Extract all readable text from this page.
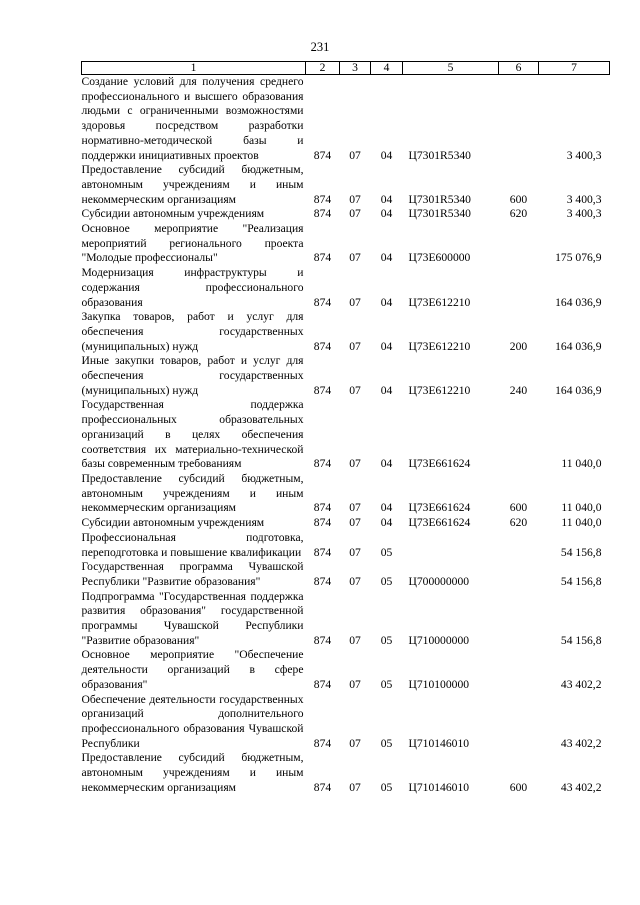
231
1	2	3	4	5	6	7
Создание условий для получения среднего профессионального и высшего образования людьми с ограниченными возможностями здоровья посредством разработки нормативно-методической базы и поддержки инициативных проектов	874	07	04	Ц7301R5340		3 400,3
Предоставление субсидий бюджетным, автономным учреждениям и иным некоммерческим организациям	874	07	04	Ц7301R5340	600	3 400,3
Субсидии автономным учреждениям	874	07	04	Ц7301R5340	620	3 400,3
Основное мероприятие "Реализация мероприятий регионального проекта "Молодые профессионалы"	874	07	04	Ц73Е600000		175 076,9
Модернизация инфраструктуры и содержания профессионального образования	874	07	04	Ц73Е612210		164 036,9
Закупка товаров, работ и услуг для обеспечения государственных (муниципальных) нужд	874	07	04	Ц73Е612210	200	164 036,9
Иные закупки товаров, работ и услуг для обеспечения государственных (муниципальных) нужд	874	07	04	Ц73Е612210	240	164 036,9
Государственная поддержка профессиональных образовательных организаций в целях обеспечения соответствия их материально-технической базы современным требованиям	874	07	04	Ц73Е661624		11 040,0
Предоставление субсидий бюджетным, автономным учреждениям и иным некоммерческим организациям	874	07	04	Ц73Е661624	600	11 040,0
Субсидии автономным учреждениям	874	07	04	Ц73Е661624	620	11 040,0
Профессиональная подготовка, переподготовка и повышение квалификации	874	07	05			54 156,8
Государственная программа Чувашской Республики "Развитие образования"	874	07	05	Ц700000000		54 156,8
Подпрограмма "Государственная поддержка развития образования" государственной программы Чувашской Республики "Развитие образования"	874	07	05	Ц710000000		54 156,8
Основное мероприятие "Обеспечение деятельности организаций в сфере образования"	874	07	05	Ц710100000		43 402,2
Обеспечение деятельности государственных организаций дополнительного профессионального образования Чувашской Республики	874	07	05	Ц710146010		43 402,2
Предоставление субсидий бюджетным, автономным учреждениям и иным некоммерческим организациям	874	07	05	Ц710146010	600	43 402,2
